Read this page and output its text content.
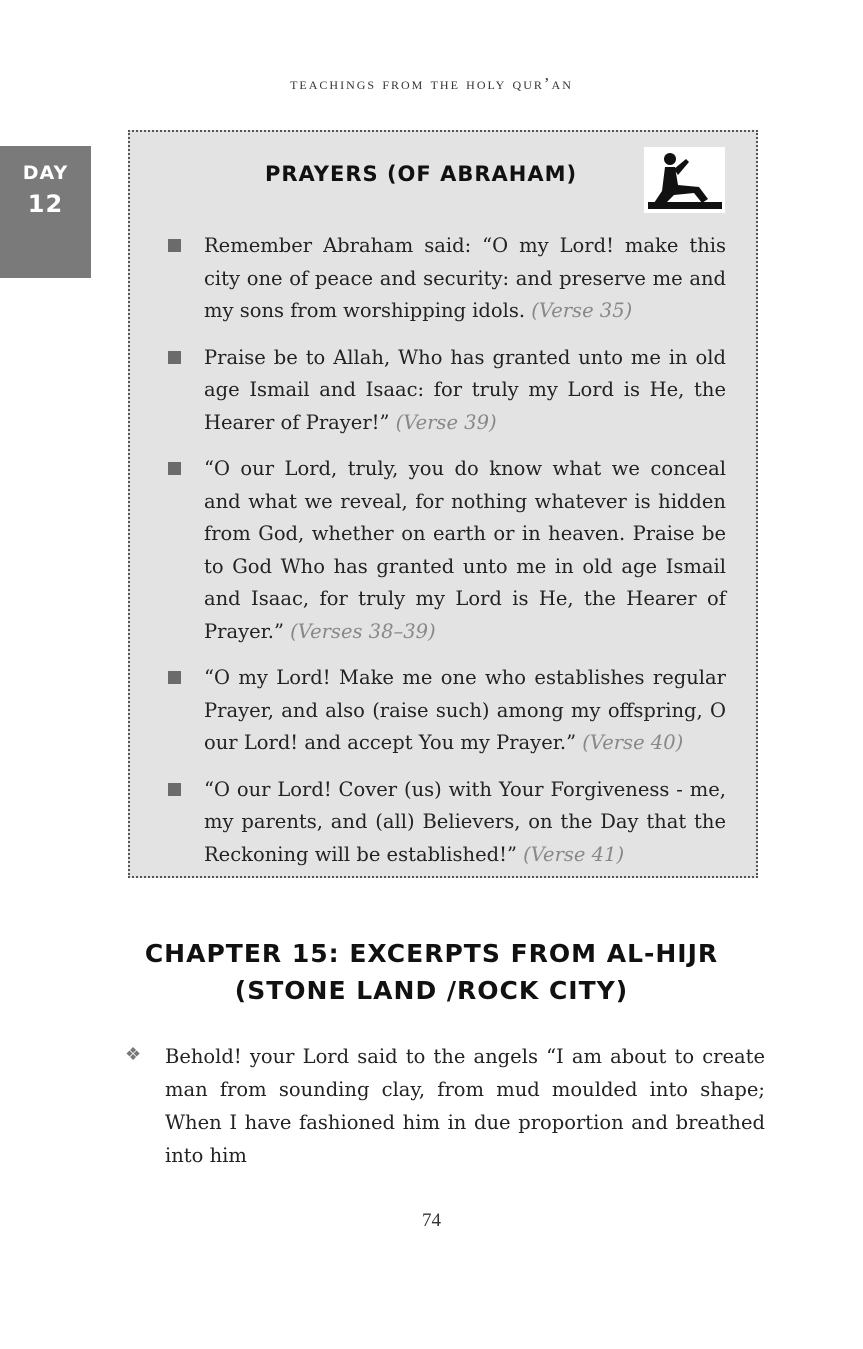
teachings from the holy qur’an
DAY
12
PRAYERS (OF ABRAHAM)
Remember Abraham said: “O my Lord! make this city one of peace and security: and preserve me and my sons from worshipping idols. (Verse 35)
Praise be to Allah, Who has granted unto me in old age Ismail and Isaac: for truly my Lord is He, the Hearer of Prayer!” (Verse 39)
“O our Lord, truly, you do know what we conceal and what we reveal, for nothing whatever is hidden from God, whether on earth or in heaven. Praise be to God Who has granted unto me in old age Ismail and Isaac, for truly my Lord is He, the Hearer of Prayer.” (Verses 38–39)
“O my Lord! Make me one who establishes regular Prayer, and also (raise such) among my offspring, O our Lord! and accept You my Prayer.” (Verse 40)
“O our Lord! Cover (us) with Your Forgiveness - me, my parents, and (all) Believers, on the Day that the Reckoning will be established!” (Verse 41)
CHAPTER 15: EXCERPTS FROM AL-HIJR
(STONE LAND /ROCK CITY)
❖	Behold! your Lord said to the angels “I am about to create man from sounding clay, from mud moulded into shape; When I have fashioned him in due proportion and breathed into him

74
